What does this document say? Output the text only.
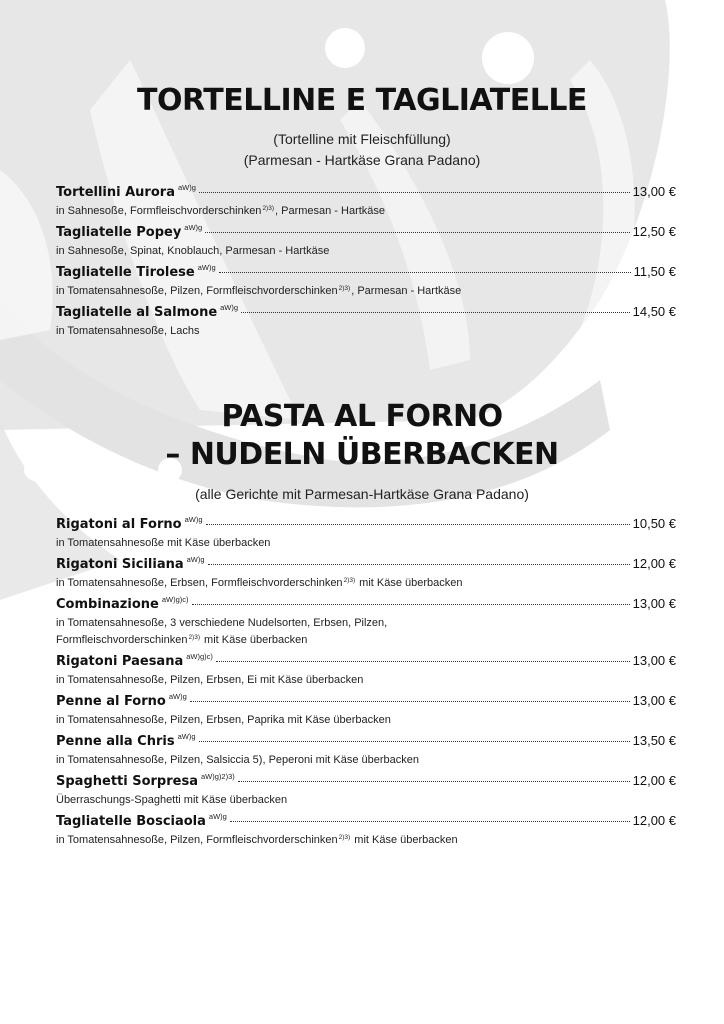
TORTELLINE E TAGLIATELLE
(Tortelline mit Fleischfüllung)
(Parmesan - Hartkäse Grana Padano)
Tortellini Aurora aW)g	13,00 €
in Sahnesoße, Formfleischvorderschinken$^{2)3)}$, Parmesan - Hartkäse
Tagliatelle Popey aW)g	12,50 €
in Sahnesoße, Spinat, Knoblauch, Parmesan - Hartkäse
Tagliatelle Tirolese aW)g	11,50 €
in Tomatensahnesoße, Pilzen, Formfleischvorderschinken$^{2)3)}$, Parmesan - Hartkäse
Tagliatelle al Salmone aW)g	14,50 €
in Tomatensahnesoße, Lachs
PASTA AL FORNO
– NUDELN ÜBERBACKEN
(alle Gerichte mit Parmesan-Hartkäse Grana Padano)
Rigatoni al Forno aW)g	10,50 €
in Tomatensahnesoße mit Käse überbacken
Rigatoni Siciliana aW)g	12,00 €
in Tomatensahnesoße, Erbsen, Formfleischvorderschinken$^{2)3)}$ mit Käse überbacken
Combinazione aW)g)c)	13,00 €
in Tomatensahnesoße, 3 verschiedene Nudelsorten, Erbsen, Pilzen,
Formfleischvorderschinken$^{2)3)}$ mit Käse überbacken
Rigatoni Paesana aW)g)c)	13,00 €
in Tomatensahnesoße, Pilzen, Erbsen, Ei mit Käse überbacken
Penne al Forno aW)g	13,00 €
in Tomatensahnesoße, Pilzen, Erbsen, Paprika mit Käse überbacken
Penne alla Chris aW)g	13,50 €
in Tomatensahnesoße, Pilzen, Salsiccia 5), Peperoni mit Käse überbacken
Spaghetti Sorpresa aW)g)2)3)	12,00 €
Überraschungs-Spaghetti mit Käse überbacken
Tagliatelle Bosciaola aW)g	12,00 €
in Tomatensahnesoße, Pilzen, Formfleischvorderschinken$^{2)3)}$ mit Käse überbacken
